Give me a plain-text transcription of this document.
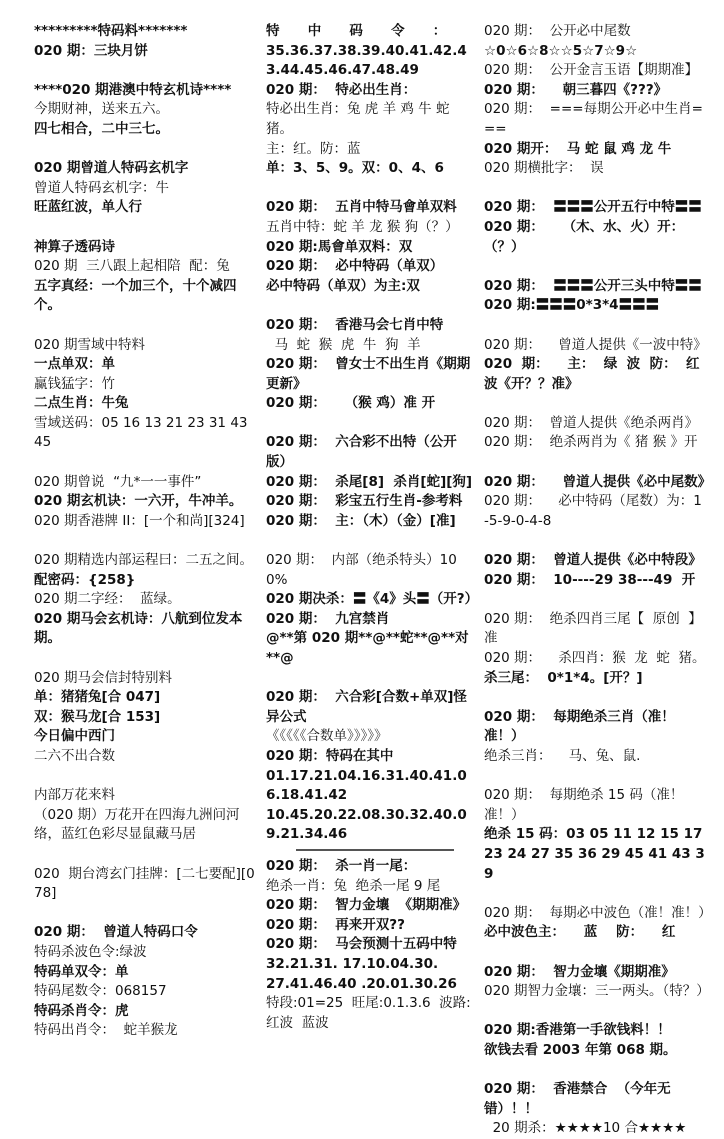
*********特码料*******
020 期：三块月饼
****020 期港澳中特玄机诗****
今期财神，送来五六。
四七相合，二中三七。
020 期曾道人特码玄机字
曾道人特码玄机字：牛
旺蓝红波，单人行
神算子透码诗
020 期  三八跟上起相陪  配：兔
五字真经：一个加三个，十个减四个。
020 期雪域中特料
一点单双：单
赢钱猛字：竹
二点生肖：牛兔
雪域送码：05 16 13 21 23 31 43 45
020 期曾说  “九*一一事件”
020 期玄机诀：一六开，牛冲羊。
020 期香港牌 II：[一个和尚][324]
020 期精选内部运程曰：二五之间。
配密码：{258}
020 期二字经：  蓝绿。
020 期马会玄机诗：八航到位发本期。
020 期马会信封特别料
单：猪猪兔[合 047]
双：猴马龙[合 153]
今日偏中西门
二六不出合数
内部万花来料
（020 期）万花开在四海九洲问河络，蓝红色彩尽显鼠藏马居
020  期台湾玄门挂牌：[二七要配][078]
020 期：  曾道人特码口令
特码杀波色令:绿波
特码单双令：单
特码尾数令：068157
特码杀肖令：虎
特码出肖令：  蛇羊猴龙
特      中      码      令      ：
35.36.37.38.39.40.41.42.43.44.45.46.47.48.49
020 期：  特必出生肖：
特必出生肖：兔 虎 羊 鸡 牛 蛇 猪。
主：红。防：蓝
单：3、5、9。双：0、4、6
020 期：  五肖中特马會单双料
五肖中特：蛇 羊 龙 猴 狗（？）
020 期:馬會单双料：双
020 期：  必中特码（单双）
必中特码（单双）为主:双
020 期：  香港马会七肖中特
马  蛇  猴  虎  牛  狗  羊
020 期：  曾女士不出生肖《期期更新》
020 期：    （猴 鸡）准 开
020 期：  六合彩不出特（公开版）
020 期：  杀尾[8]  杀肖[蛇][狗]
020 期：  彩宝五行生肖-参考料
020 期：  主：（木）（金）[准]
020 期：  内部（绝杀特头）100%
020 期决杀：〓《4》头〓（开?）
020 期：  九宫禁肖
@**第 020 期**@**蛇**@**对**@
020 期：  六合彩[合数+单双]怪异公式
《《《《《合数单》》》》》
020 期：特码在其中
01.17.21.04.16.31.40.41.06.18.41.42
10.45.20.22.08.30.32.40.09.21.34.46
020 期：  杀一肖一尾：
绝杀一肖：兔  绝杀一尾 9 尾
020 期：  智力金壤  《期期准》
020 期：  再来开双??
020 期：  马会预测十五码中特
32.21.31. 17.10.04.30.
27.41.46.40 .20.01.30.26
特段:01=25  旺尾:0.1.3.6  波路:红波  蓝波
020 期：  公开必中尾数
☆0☆6☆8☆☆5☆7☆9☆
020 期：  公开金言玉语【期期准】
020 期：    朝三暮四《???》
020 期：  ===每期公开必中生肖===
020 期开：  马 蛇 鼠 鸡 龙 牛
020 期横批字：  误
020 期：  〓〓〓公开五行中特〓〓
020 期：    （木、水、火）开：（？）
020 期：  〓〓〓公开三头中特〓〓
020 期:〓〓〓0*3*4〓〓〓
020 期：    曾道人提供《一波中特》
020  期：    主：  绿  波  防：  红  波《开？？准》
020 期：  曾道人提供《绝杀两肖》
020 期：  绝杀两肖为《 猪 猴 》开
020 期：    曾道人提供《必中尾数》
020 期：    必中特码（尾数）为：1-5-9-0-4-8
020 期：  曾道人提供《必中特段》
020 期：  10----29 38---49  开
020 期：  绝杀四肖三尾【  原创  】准
020 期：    杀四肖：猴  龙  蛇  猪。
杀三尾：  0*1*4。[开？]
020 期：  每期绝杀三肖（准！准！）
绝杀三肖：    马、兔、鼠.
020 期：  每期绝杀 15 码（准！准！）
绝杀 15 码：03 05 11 12 15 17 23 24 27 35 36 29 45 41 43 39
020 期：  每期必中波色（准！准！）
必中波色主：    蓝    防：    红
020 期：  智力金壤《期期准》
020 期智力金壤：三一两头。（特？）
020 期:香港第一手欲钱料！！
欲钱去看 2003 年第 068 期。
020 期：  香港禁合  （今年无错）！！
20 期杀：★★★★10 合★★★★
